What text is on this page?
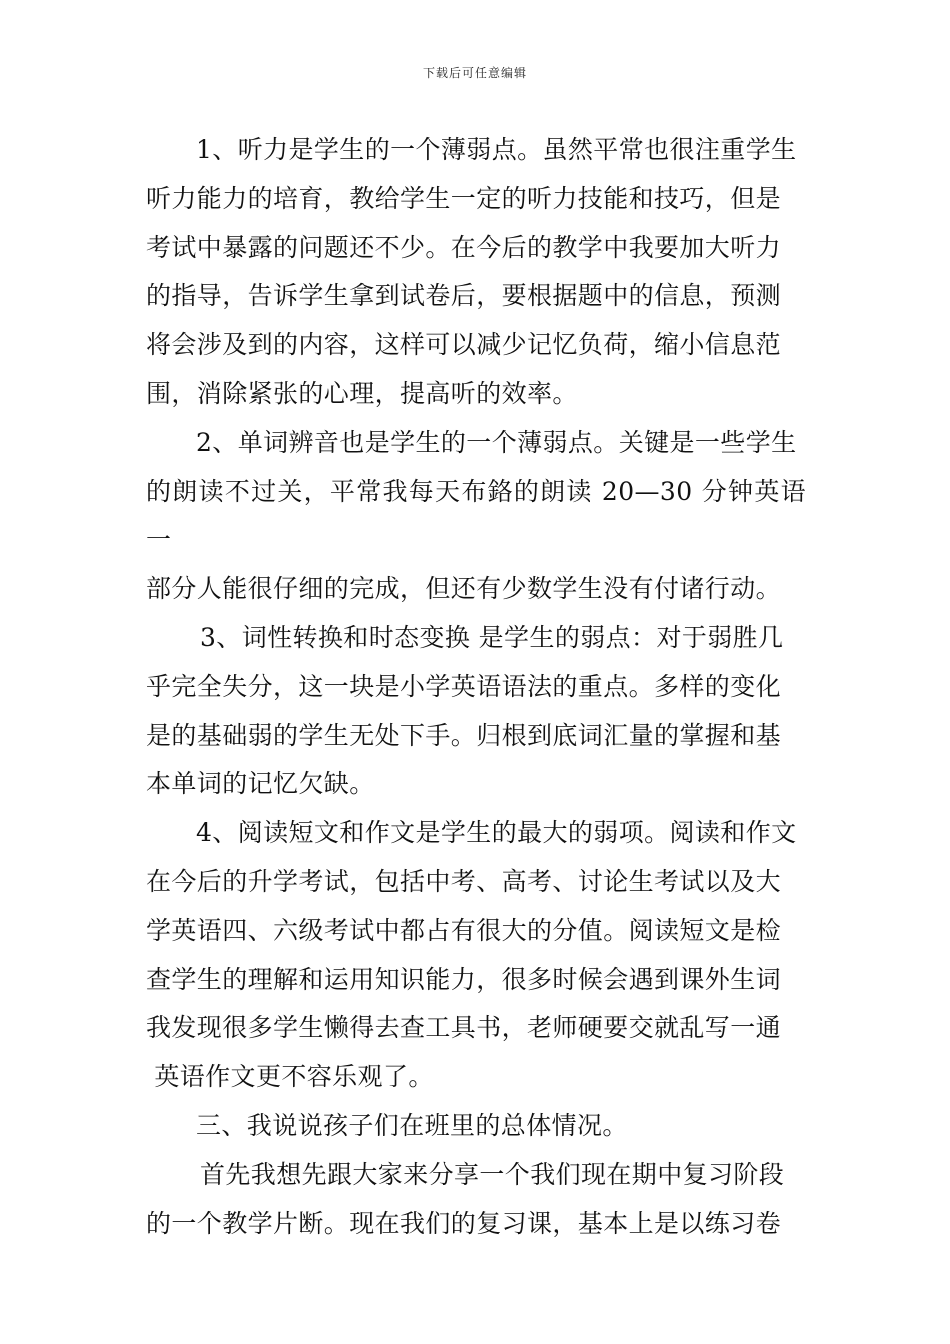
下载后可任意编辑

1、听力是学生的一个薄弱点。虽然平常也很注重学生
听力能力的培育，教给学生一定的听力技能和技巧，但是
考试中暴露的问题还不少。在今后的教学中我要加大听力
的指导，告诉学生拿到试卷后，要根据题中的信息，预测
将会涉及到的内容，这样可以减少记忆负荷，缩小信息范
围，消除紧张的心理，提高听的效率。

2、单词辨音也是学生的一个薄弱点。关键是一些学生
的朗读不过关，平常我每天布鉻的朗读 20—30 分钟英语一
部分人能很仔细的完成，但还有少数学生没有付诸行动。

3、词性转换和时态变换 是学生的弱点：对于弱胜几
乎完全失分，这一块是小学英语语法的重点。多样的变化
是的基础弱的学生无处下手。归根到底词汇量的掌握和基
本单词的记忆欠缺。

4、阅读短文和作文是学生的最大的弱项。阅读和作文
在今后的升学考试，包括中考、高考、讨论生考试以及大
学英语四、六级考试中都占有很大的分值。阅读短文是检
查学生的理解和运用知识能力，很多时候会遇到课外生词
我发现很多学生懒得去查工具书，老师硬要交就乱写一通
英语作文更不容乐观了。

三、我说说孩子们在班里的总体情况。

首先我想先跟大家来分享一个我们现在期中复习阶段
的一个教学片断。现在我们的复习课，基本上是以练习卷
